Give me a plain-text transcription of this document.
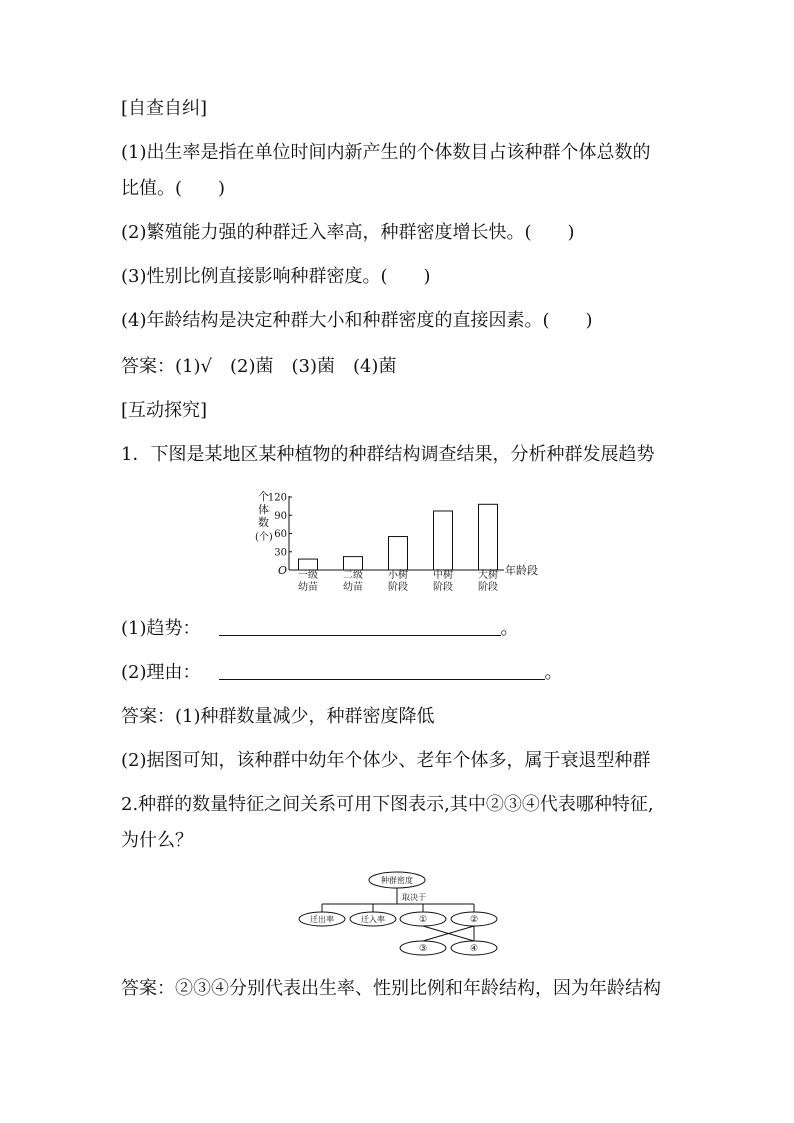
[自查自纠]
(1)出生率是指在单位时间内新产生的个体数目占该种群个体总数的
比值。(　　)
(2)繁殖能力强的种群迁入率高，种群密度增长快。(　　)
(3)性别比例直接影响种群密度。(　　)
(4)年龄结构是决定种群大小和种群密度的直接因素。(　　)
答案：(1)√　(2)菌　(3)菌　(4)菌
[互动探究]
1．下图是某地区某种植物的种群结构调查结果，分析种群发展趋势
个
体
数
(个)
O	年龄段
30
60
90
120
一级
幼苗
二级
幼苗
小树
阶段
中树
阶段
大树
阶段
(1)趋势：	。
(2)理由：	。
答案：(1)种群数量减少，种群密度降低
(2)据图可知，该种群中幼年个体少、老年个体多，属于衰退型种群
2.种群的数量特征之间关系可用下图表示,其中②③④代表哪种特征,
为什么？
种群密度
取决于
迁出率	迁入率	①	②
③	④
答案：②③④分别代表出生率、性别比例和年龄结构，因为年龄结构
